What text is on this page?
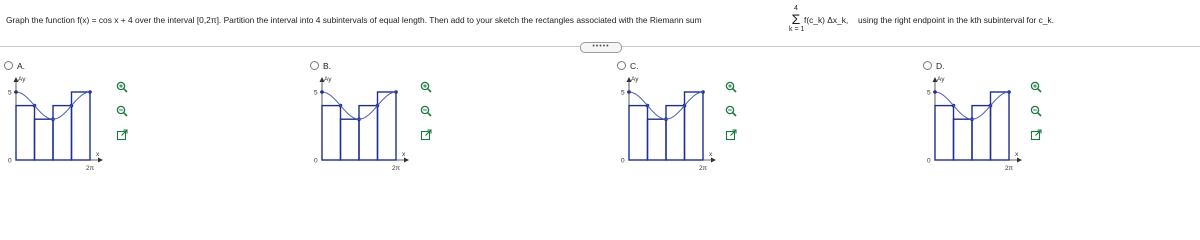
Graph the function f(x) = cos x + 4 over the interval [0,2π]. Partition the interval into 4 subintervals of equal length. Then add to your sketch the rectangles associated with the Riemann sum
4
Σ
k = 1
f(c_k) Δx_k, using the right endpoint in the kth subinterval for c_k.
•••••
A.
5
0
Ay
x
2π
B.
5
0
Ay
x
2π
C.
5
0
Ay
x
2π
D.
5
0
Ay
x
2π
